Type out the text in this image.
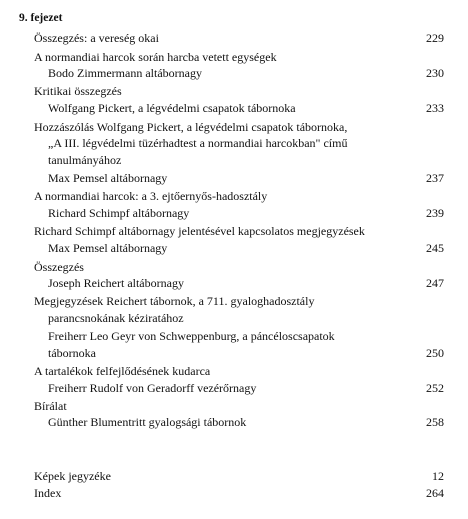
9. fejezet
Összegzés: a vereség okai	229
A normandiai harcok során harcba vetett egységek
Bodo Zimmermann altábornagy	230
Kritikai összegzés
Wolfgang Pickert, a légvédelmi csapatok tábornoka	233
Hozzászólás Wolfgang Pickert, a légvédelmi csapatok tábornoka,
„A III. légvédelmi tüzérhadtest a normandiai harcokban" című
tanulmányához
Max Pemsel altábornagy	237
A normandiai harcok: a 3. ejtőernyős-hadosztály
Richard Schimpf altábornagy	239
Richard Schimpf altábornagy jelentésével kapcsolatos megjegyzések
Max Pemsel altábornagy	245
Összegzés
Joseph Reichert altábornagy	247
Megjegyzések Reichert tábornok, a 711. gyaloghadosztály
parancsnokának kéziratához
Freiherr Leo Geyr von Schweppenburg, a páncéloscsapatok
tábornoka	250
A tartalékok felfejlődésének kudarca
Freiherr Rudolf von Geradorff vezérőrnagy	252
Bírálat
Günther Blumentritt gyalogsági tábornok	258
Képek jegyzéke	12
Index	264
